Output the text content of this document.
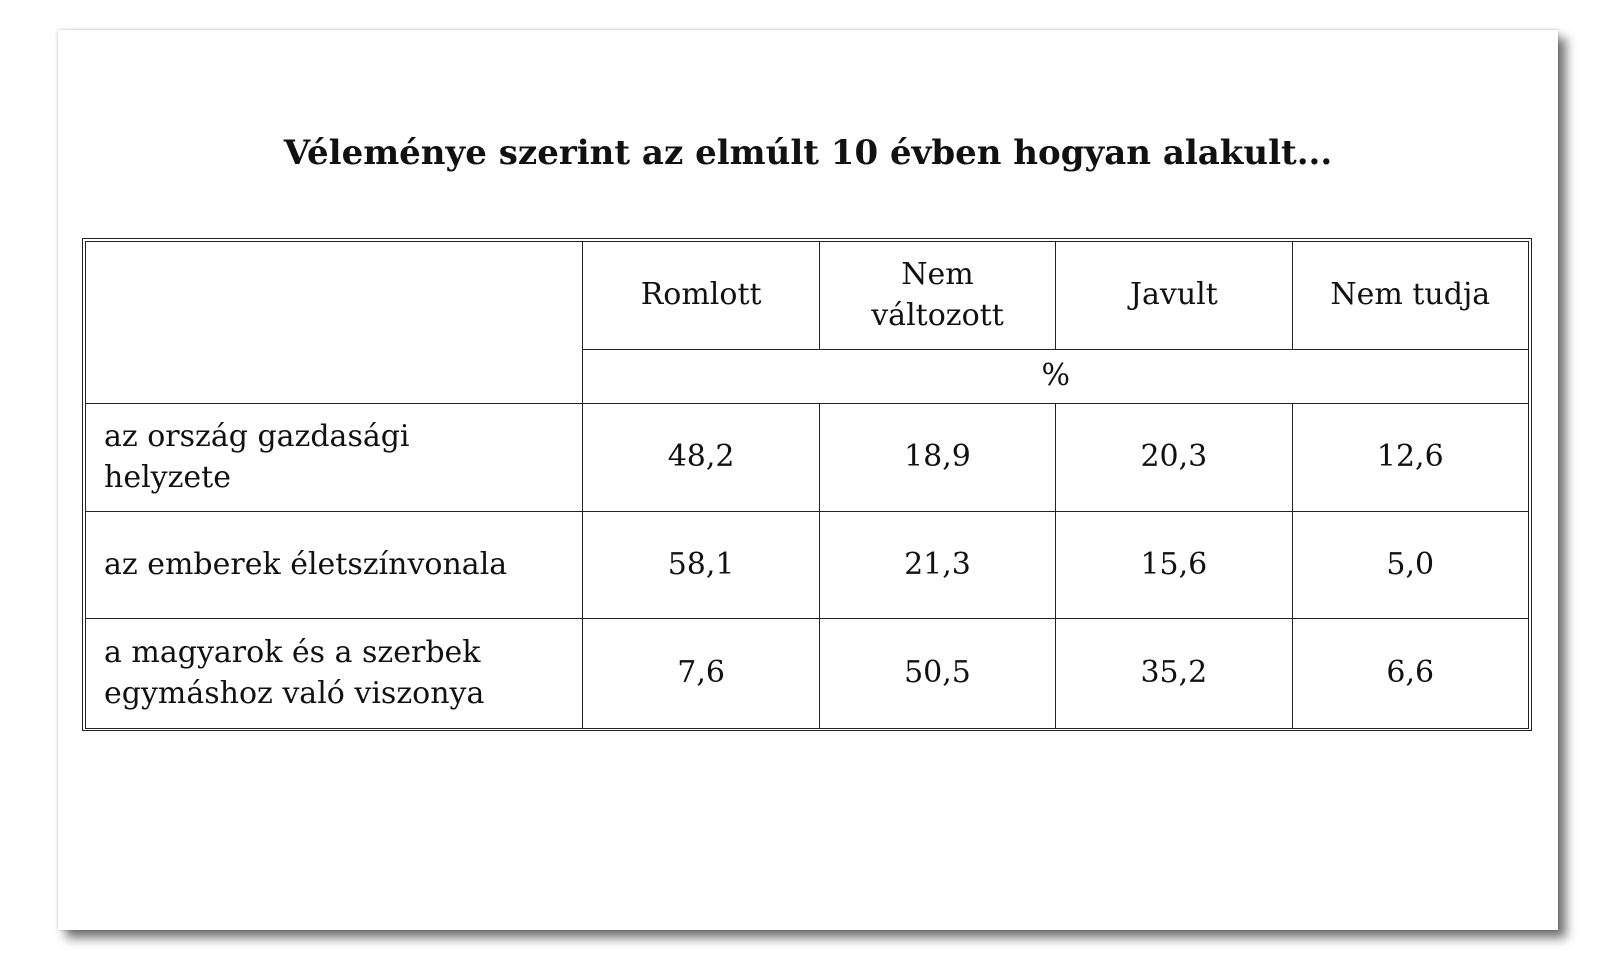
Véleménye szerint az elmúlt 10 évben hogyan alakult...
	Romlott	Nem változott	Javult	Nem tudja
	%			
az ország gazdasági helyzete	48,2	18,9	20,3	12,6
az emberek életszínvonala	58,1	21,3	15,6	5,0
a magyarok és a szerbek egymáshoz való viszonya	7,6	50,5	35,2	6,6
